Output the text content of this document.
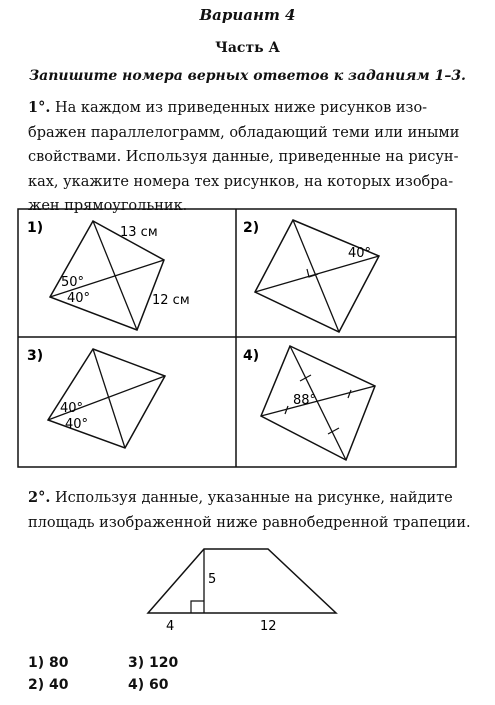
Вариант 4
Часть А
Запишите номера верных ответов к заданиям 1–3.
1°. На каждом из приведенных ниже рисунков изо-
бражен параллелограмм, обладающий теми или иными
свойствами. Используя данные, приведенные на рисун-
ках, укажите номера тех рисунков, на которых изобра-
жен прямоугольник.
1)	13 см
12 см
50°
40°
2)
40°
3)
40°
40°
4)
88°
2°. Используя данные, указанные на рисунке, найдите
площадь изображенной ниже равнобедренной трапеции.
5
4	12
1) 80
2) 40
3) 120
4) 60
